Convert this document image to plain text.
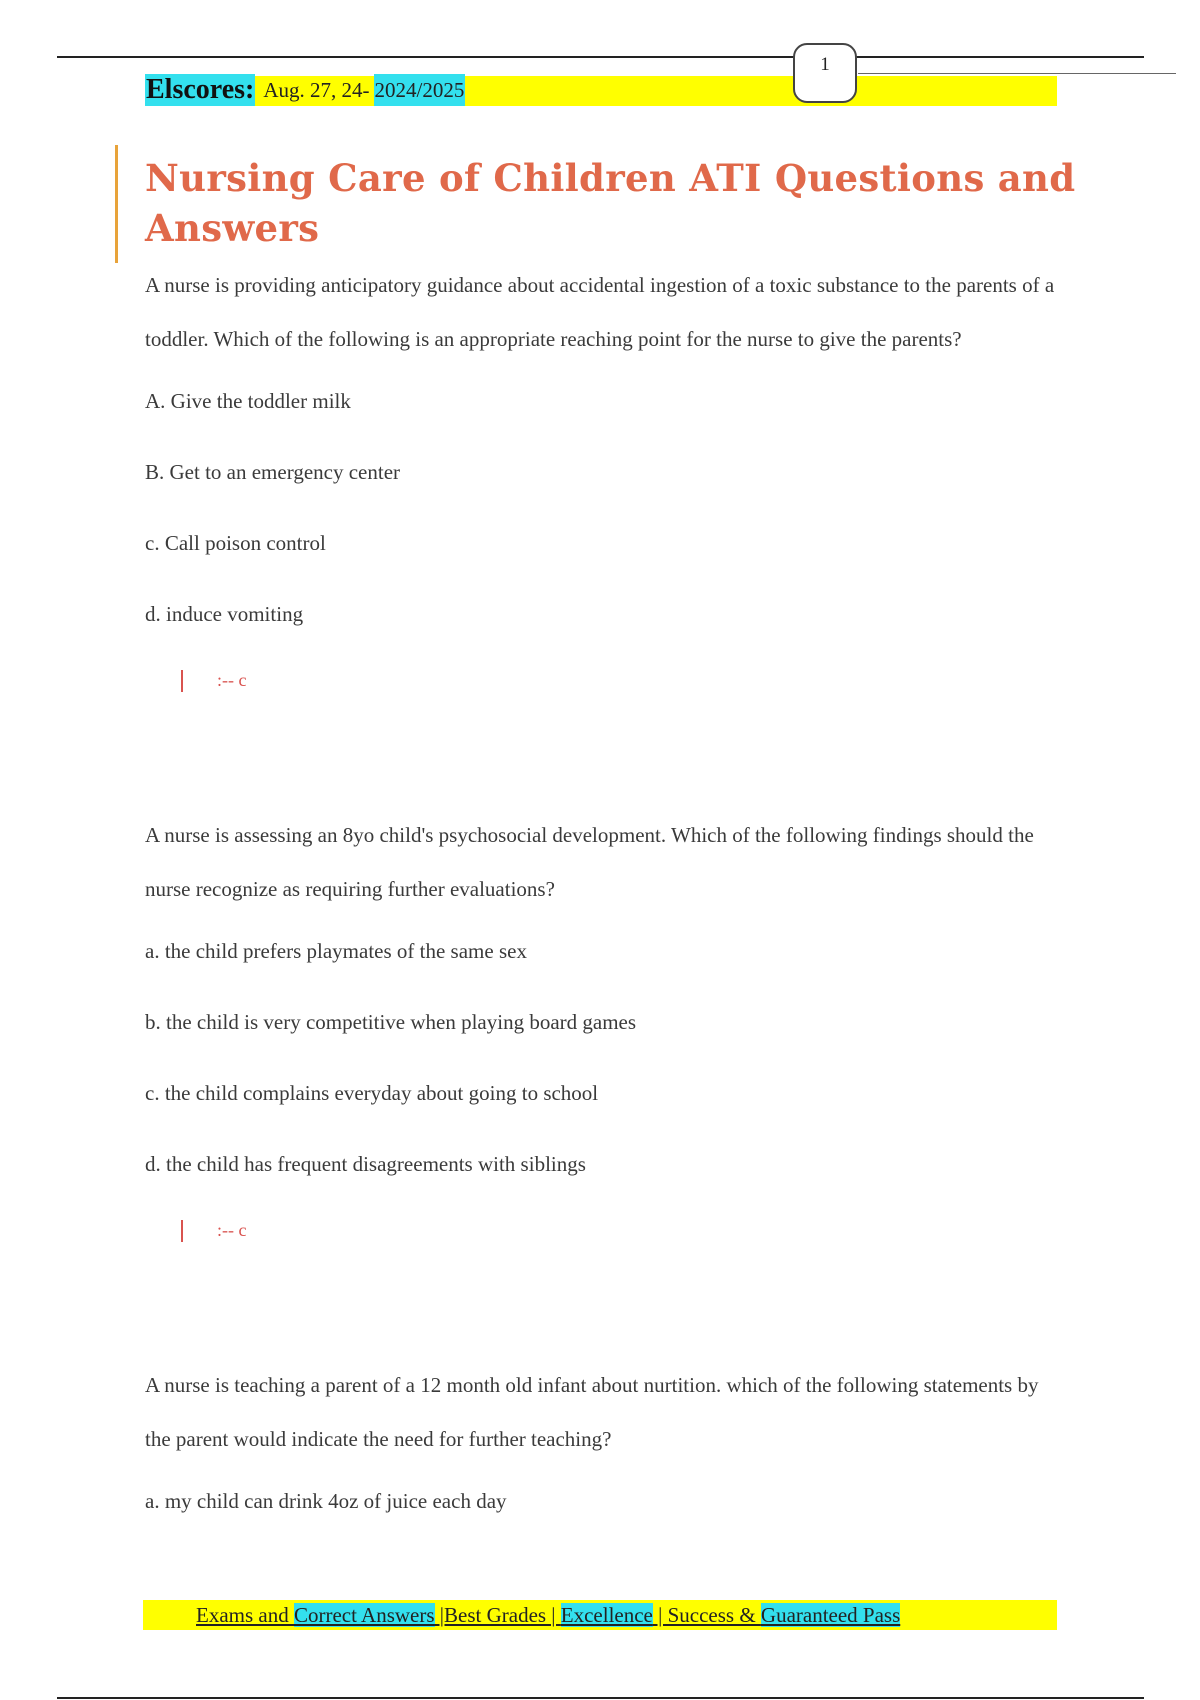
Elscores: Aug. 27, 24- 2024/2025
1
Nursing Care of Children ATI Questions and Answers

A nurse is providing anticipatory guidance about accidental ingestion of a toxic substance to the parents of a toddler. Which of the following is an appropriate reaching point for the nurse to give the parents?

A. Give the toddler milk

B. Get to an emergency center

c. Call poison control

d. induce vomiting

:-- c

A nurse is assessing an 8yo child's psychosocial development. Which of the following findings should the nurse recognize as requiring further evaluations?

a. the child prefers playmates of the same sex

b. the child is very competitive when playing board games

c. the child complains everyday about going to school

d. the child has frequent disagreements with siblings

:-- c

A nurse is teaching a parent of a 12 month old infant about nurtition. which of the following statements by the parent would indicate the need for further teaching?

a. my child can drink 4oz of juice each day

Exams and Correct Answers |Best Grades | Excellence | Success & Guaranteed Pass
